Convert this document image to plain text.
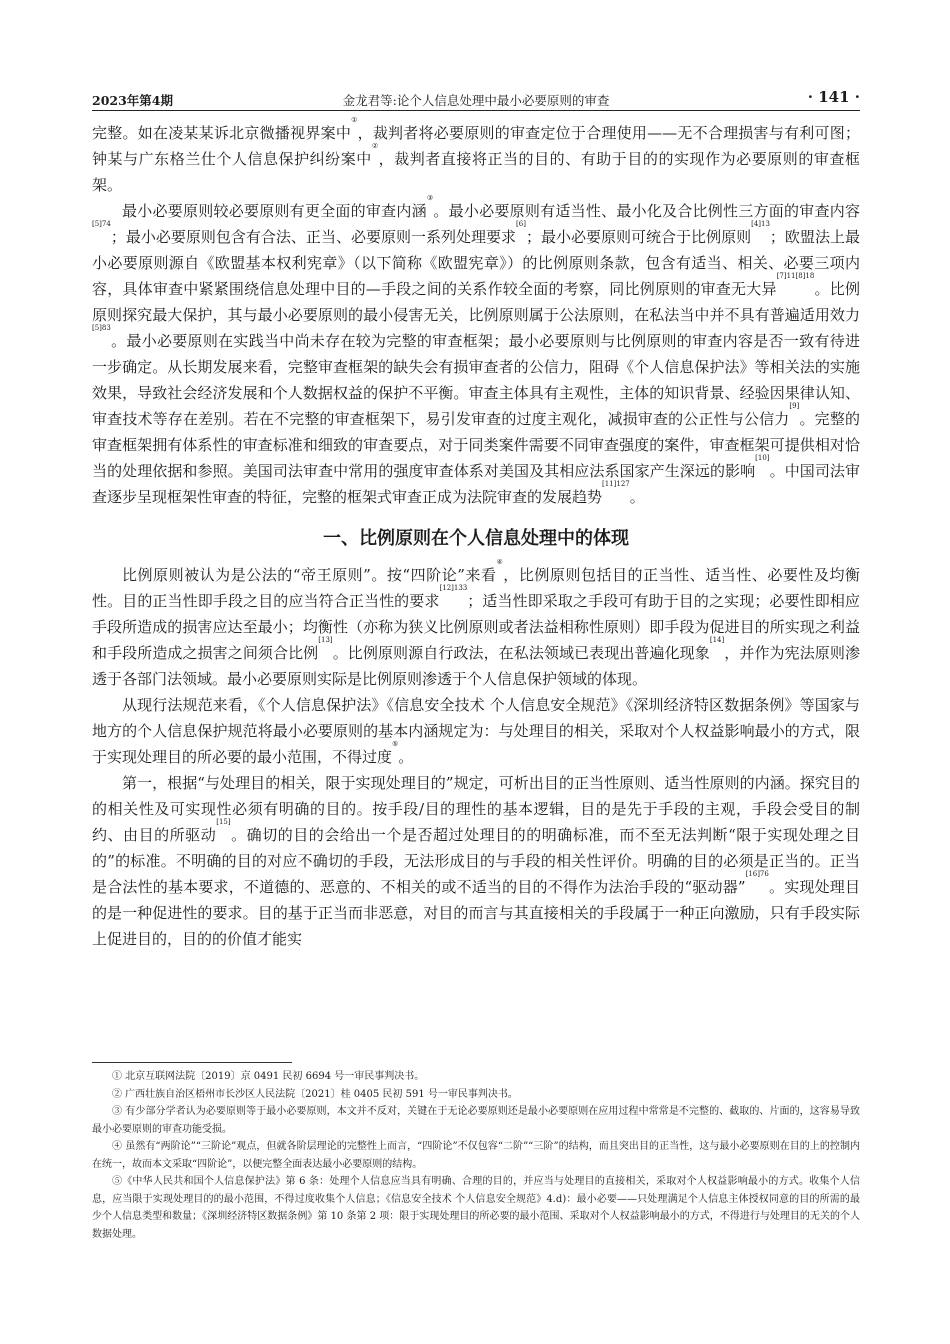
2023年第4期	金龙君等:论个人信息处理中最小必要原则的审查	· 141 ·

完整。如在凌某某诉北京微播视界案中①，裁判者将必要原则的审查定位于合理使用——无不合理损害与有利可图；钟某与广东格兰仕个人信息保护纠纷案中②，裁判者直接将正当的目的、有助于目的的实现作为必要原则的审查框架。

最小必要原则较必要原则有更全面的审查内涵③。最小必要原则有适当性、最小化及合比例性三方面的审查内容$^{[5]74}$；最小必要原则包含有合法、正当、必要原则一系列处理要求[6]；最小必要原则可统合于比例原则$^{[4]13}$；欧盟法上最小必要原则源自《欧盟基本权利宪章》（以下简称《欧盟宪章》）的比例原则条款，包含有适当、相关、必要三项内容，具体审查中紧紧围绕信息处理中目的—手段之间的关系作较全面的考察，同比例原则的审查无大异$^{[7]11[8]18}$。比例原则探究最大保护，其与最小必要原则的最小侵害无关，比例原则属于公法原则，在私法当中并不具有普遍适用效力$^{[5]83}$。最小必要原则在实践当中尚未存在较为完整的审查框架；最小必要原则与比例原则的审查内容是否一致有待进一步确定。从长期发展来看，完整审查框架的缺失会有损审查者的公信力，阻碍《个人信息保护法》等相关法的实施效果，导致社会经济发展和个人数据权益的保护不平衡。审查主体具有主观性，主体的知识背景、经验因果律认知、审查技术等存在差别。若在不完整的审查框架下，易引发审查的过度主观化，减损审查的公正性与公信力[9]。完整的审查框架拥有体系性的审查标准和细致的审查要点，对于同类案件需要不同审查强度的案件，审查框架可提供相对恰当的处理依据和参照。美国司法审查中常用的强度审查体系对美国及其相应法系国家产生深远的影响[10]。中国司法审查逐步呈现框架性审查的特征，完整的框架式审查正成为法院审查的发展趋势$^{[11]127}$。

一、比例原则在个人信息处理中的体现

比例原则被认为是公法的“帝王原则”。按“四阶论”来看④，比例原则包括目的正当性、适当性、必要性及均衡性。目的正当性即手段之目的应当符合正当性的要求$^{[12]133}$；适当性即采取之手段可有助于目的之实现；必要性即相应手段所造成的损害应达至最小；均衡性（亦称为狭义比例原则或者法益相称性原则）即手段为促进目的所实现之利益和手段所造成之损害之间须合比例[13]。比例原则源自行政法，在私法领域已表现出普遍化现象[14]，并作为宪法原则渗透于各部门法领域。最小必要原则实际是比例原则渗透于个人信息保护领域的体现。

从现行法规范来看，《个人信息保护法》《信息安全技术 个人信息安全规范》《深圳经济特区数据条例》等国家与地方的个人信息保护规范将最小必要原则的基本内涵规定为：与处理目的相关，采取对个人权益影响最小的方式，限于实现处理目的所必要的最小范围，不得过度⑤。

第一，根据“与处理目的相关，限于实现处理目的”规定，可析出目的正当性原则、适当性原则的内涵。探究目的的相关性及可实现性必须有明确的目的。按手段/目的理性的基本逻辑，目的是先于手段的主观，手段会受目的制约、由目的所驱动[15]。确切的目的会给出一个是否超过处理目的的明确标准，而不至无法判断“限于实现处理之目的”的标准。不明确的目的对应不确切的手段，无法形成目的与手段的相关性评价。明确的目的必须是正当的。正当是合法性的基本要求，不道德的、恶意的、不相关的或不适当的目的不得作为法治手段的“驱动器”$^{[16]76}$。实现处理目的是一种促进性的要求。目的基于正当而非恶意，对目的而言与其直接相关的手段属于一种正向激励，只有手段实际上促进目的，目的的价值才能实

① 北京互联网法院〔2019〕京 0491 民初 6694 号一审民事判决书。

② 广西壮族自治区梧州市长沙区人民法院〔2021〕桂 0405 民初 591 号一审民事判决书。

③ 有少部分学者认为必要原则等于最小必要原则，本文并不反对，关键在于无论必要原则还是最小必要原则在应用过程中常常是不完整的、截取的、片面的，这容易导致最小必要原则的审查功能受损。

④ 虽然有“两阶论”“三阶论”观点，但就各阶层理论的完整性上而言，“四阶论”不仅包容“二阶”“三阶”的结构，而且突出目的正当性，这与最小必要原则在目的上的控制内在统一，故而本文采取“四阶论”，以便完整全面表达最小必要原则的结构。

⑤《中华人民共和国个人信息保护法》第 6 条：处理个人信息应当具有明确、合理的目的，并应当与处理目的直接相关，采取对个人权益影响最小的方式。收集个人信息，应当限于实现处理目的的最小范围，不得过度收集个人信息；《信息安全技术 个人信息安全规范》4.d)：最小必要——只处理满足个人信息主体授权同意的目的所需的最少个人信息类型和数量；《深圳经济特区数据条例》第 10 条第 2 项：限于实现处理目的所必要的最小范围、采取对个人权益影响最小的方式，不得进行与处理目的无关的个人数据处理。
